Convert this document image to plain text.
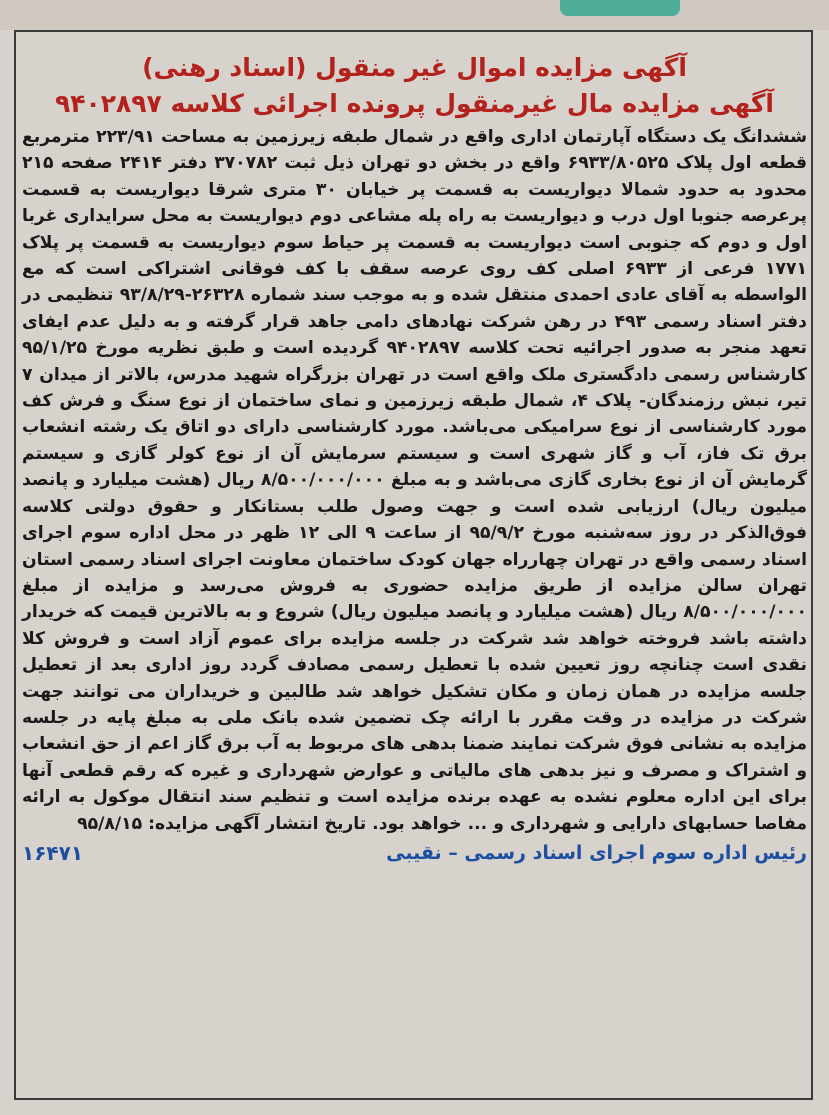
آگهی مزایده اموال غیر منقول (اسناد رهنی)
آگهی مزایده مال غیرمنقول پرونده اجرائی کلاسه ۹۴۰۲۸۹۷

ششدانگ یک دستگاه آپارتمان اداری واقع در شمال طبقه زیرزمین به مساحت ۲۲۳/۹۱ مترمربع قطعه اول پلاک ۶۹۳۳/۸۰۵۲۵ واقع در بخش دو تهران ذیل ثبت ۳۷۰۷۸۲ دفتر ۲۴۱۴ صفحه ۲۱۵ محدود به حدود شمالا دیواریست به قسمت پر خیابان ۳۰ متری شرقا دیواریست به قسمت پرعرصه جنوبا اول درب و دیواریست به راه پله مشاعی دوم دیواریست به محل سرایداری غربا اول و دوم که جنوبی است دیواریست به قسمت پر حیاط سوم دیواریست به قسمت پر پلاک ۱۷۷۱ فرعی از ۶۹۳۳ اصلی کف روی عرصه سقف با کف فوقانی اشتراکی است که مع الواسطه به آقای عادی احمدی منتقل شده و به موجب سند شماره ۲۶۳۲۸-۹۳/۸/۲۹ تنظیمی در دفتر اسناد رسمی ۴۹۳ در رهن شرکت نهادهای دامی جاهد قرار گرفته و به دلیل عدم ایفای تعهد منجر به صدور اجرائیه تحت کلاسه ۹۴۰۲۸۹۷ گردیده است و طبق نظریه مورخ ۹۵/۱/۲۵ کارشناس رسمی دادگستری ملک واقع است در تهران بزرگراه شهید مدرس، بالاتر از میدان ۷ تیر، نبش رزمندگان- پلاک ۴، شمال طبقه زیرزمین و نمای ساختمان از نوع سنگ و فرش کف مورد کارشناسی از نوع سرامیکی می‌باشد. مورد کارشناسی دارای دو اتاق یک رشته انشعاب برق تک فاز، آب و گاز شهری است و سیستم سرمایش آن از نوع کولر گازی و سیستم گرمایش آن از نوع بخاری گازی می‌باشد و به مبلغ ۸/۵۰۰/۰۰۰/۰۰۰ ریال (هشت میلیارد و پانصد میلیون ریال) ارزیابی شده است و جهت وصول طلب بستانکار و حقوق دولتی کلاسه فوق‌الذکر در روز سه‌شنبه مورخ ۹۵/۹/۲ از ساعت ۹ الی ۱۲ ظهر در محل اداره سوم اجرای اسناد رسمی واقع در تهران چهارراه جهان کودک ساختمان معاونت اجرای اسناد رسمی استان تهران سالن مزایده از طریق مزایده حضوری به فروش می‌رسد و مزایده از مبلغ ۸/۵۰۰/۰۰۰/۰۰۰ ریال (هشت میلیارد و پانصد میلیون ریال) شروع و به بالاترین قیمت که خریدار داشته باشد فروخته خواهد شد شرکت در جلسه مزایده برای عموم آزاد است و فروش کلا نقدی است چنانچه روز تعیین شده با تعطیل رسمی مصادف گردد روز اداری بعد از تعطیل جلسه مزایده در همان زمان و مکان تشکیل خواهد شد طالبین و خریداران می توانند جهت شرکت در مزایده در وقت مقرر با ارائه چک تضمین شده بانک ملی به مبلغ پایه در جلسه مزایده به نشانی فوق شرکت نمایند ضمنا بدهی های مربوط به آب برق گاز اعم از حق انشعاب و اشتراک و مصرف و نیز بدهی های مالیاتی و عوارض شهرداری و غیره که رقم قطعی آنها برای این اداره معلوم نشده به عهده برنده مزایده است و تنظیم سند انتقال موکول به ارائه مفاصا حسابهای دارایی و شهرداری و ... خواهد بود. تاریخ انتشار آگهی مزایده: ۹۵/۸/۱۵

رئیس اداره سوم اجرای اسناد رسمی – نقیبی
۱۶۴۷۱
